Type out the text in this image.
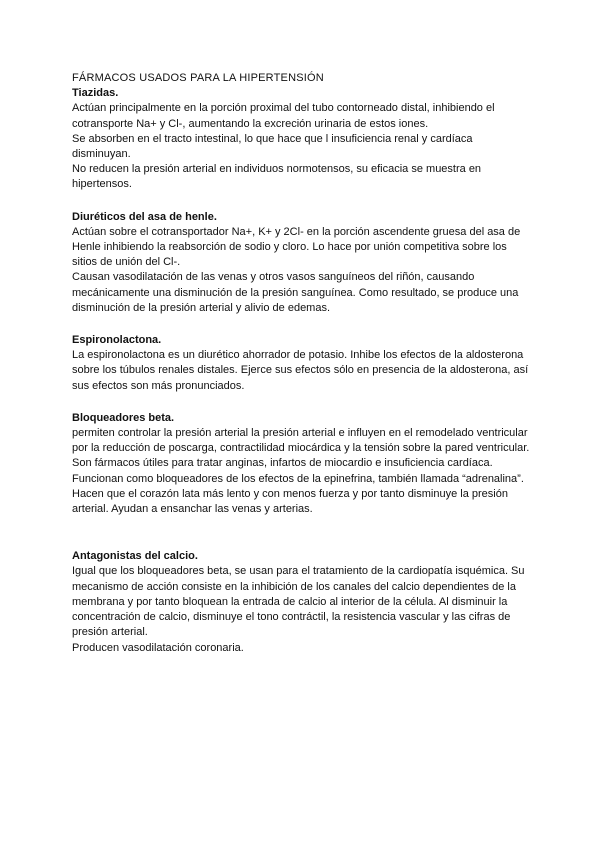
FÁRMACOS USADOS PARA LA HIPERTENSIÓN

Tiazidas.

Actúan principalmente en la porción proximal del tubo contorneado distal, inhibiendo el cotransporte Na+ y Cl-, aumentando la excreción urinaria de estos iones.

Se absorben en el tracto intestinal, lo que hace que l insuficiencia renal y cardíaca disminuyan.

No reducen la presión arterial en individuos normotensos, su eficacia se muestra en hipertensos.

Diuréticos del asa de henle.

Actúan sobre el cotransportador Na+, K+ y 2Cl- en la porción ascendente gruesa del asa de Henle inhibiendo la reabsorción de sodio y cloro. Lo hace por unión competitiva sobre los sitios de unión del Cl-.

Causan vasodilatación de las venas y otros vasos sanguíneos del riñón, causando mecánicamente una disminución de la presión sanguínea. Como resultado, se produce una disminución de la presión arterial y alivio de edemas.

Espironolactona.

La espironolactona es un diurético ahorrador de potasio. Inhibe los efectos de la aldosterona sobre los túbulos renales distales. Ejerce sus efectos sólo en presencia de la aldosterona, así sus efectos son más pronunciados.

Bloqueadores beta.

permiten controlar la presión arterial la presión arterial e influyen en el remodelado ventricular por la reducción de poscarga, contractilidad miocárdica y la tensión sobre la pared ventricular. Son fármacos útiles para tratar anginas, infartos de miocardio e insuficiencia cardíaca.

Funcionan como bloqueadores de los efectos de la epinefrina, también llamada “adrenalina”. Hacen que el corazón lata más lento y con menos fuerza y por tanto disminuye la presión arterial. Ayudan a ensanchar las venas y arterias.

Antagonistas del calcio.

Igual que los bloqueadores beta, se usan para el tratamiento de la cardiopatía isquémica. Su mecanismo de acción consiste en la inhibición de los canales del calcio dependientes de la membrana y por tanto bloquean la entrada de calcio al interior de la célula. Al disminuir la concentración de calcio, disminuye el tono contráctil, la resistencia vascular y las cifras de presión arterial.

Producen vasodilatación coronaria.
